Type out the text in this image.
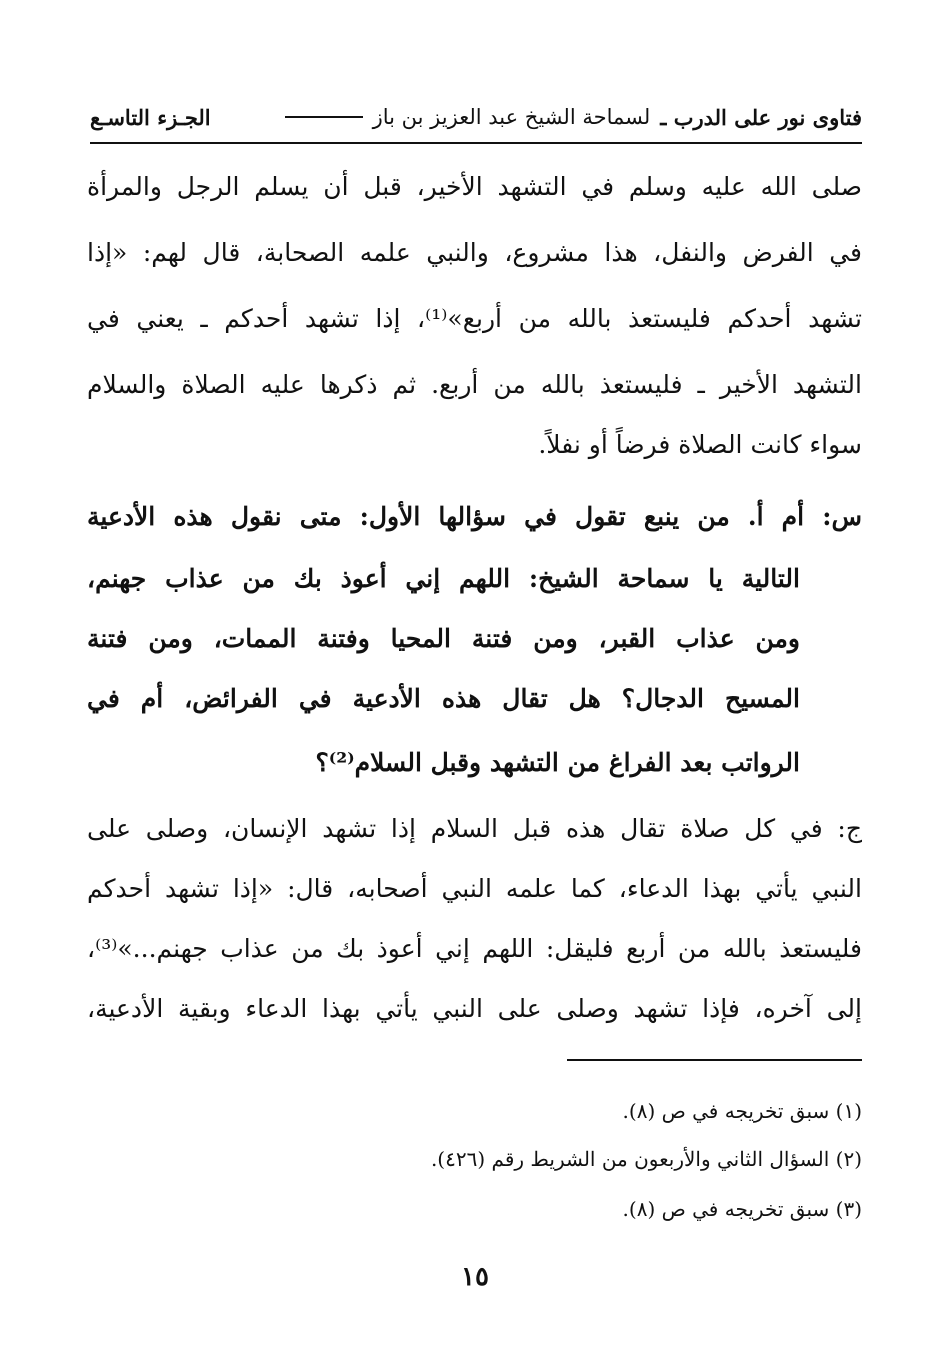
فتاوى نور على الدرب ـ
لسماحة الشيخ عبد العزيز بن باز
الجـزء التاسـع
صلى الله عليه وسلم في التشهد الأخير، قبل أن يسلم الرجل والمرأة
في الفرض والنفل، هذا مشروع، والنبي علمه الصحابة، قال لهم: «إذا
تشهد أحدكم فليستعذ بالله من أربع»⁽¹⁾، إذا تشهد أحدكم ـ يعني في
التشهد الأخير ـ فليستعذ بالله من أربع. ثم ذكرها عليه الصلاة والسلام
سواء كانت الصلاة فرضاً أو نفلاً.
س: أم أ. من ينبع تقول في سؤالها الأول: متى نقول هذه الأدعية
التالية يا سماحة الشيخ: اللهم إني أعوذ بك من عذاب جهنم،
ومن عذاب القبر، ومن فتنة المحيا وفتنة الممات، ومن فتنة
المسيح الدجال؟ هل تقال هذه الأدعية في الفرائض، أم في
الرواتب بعد الفراغ من التشهد وقبل السلام⁽²⁾؟
ج: في كل صلاة تقال هذه قبل السلام إذا تشهد الإنسان، وصلى على
النبي يأتي بهذا الدعاء، كما علمه النبي أصحابه، قال: «إذا تشهد أحدكم
فليستعذ بالله من أربع فليقل: اللهم إني أعوذ بك من عذاب جهنم...»⁽³⁾،
إلى آخره، فإذا تشهد وصلى على النبي يأتي بهذا الدعاء وبقية الأدعية،
(١) سبق تخريجه في ص (٨).
(٢) السؤال الثاني والأربعون من الشريط رقم (٤٢٦).
(٣) سبق تخريجه في ص (٨).
١٥
